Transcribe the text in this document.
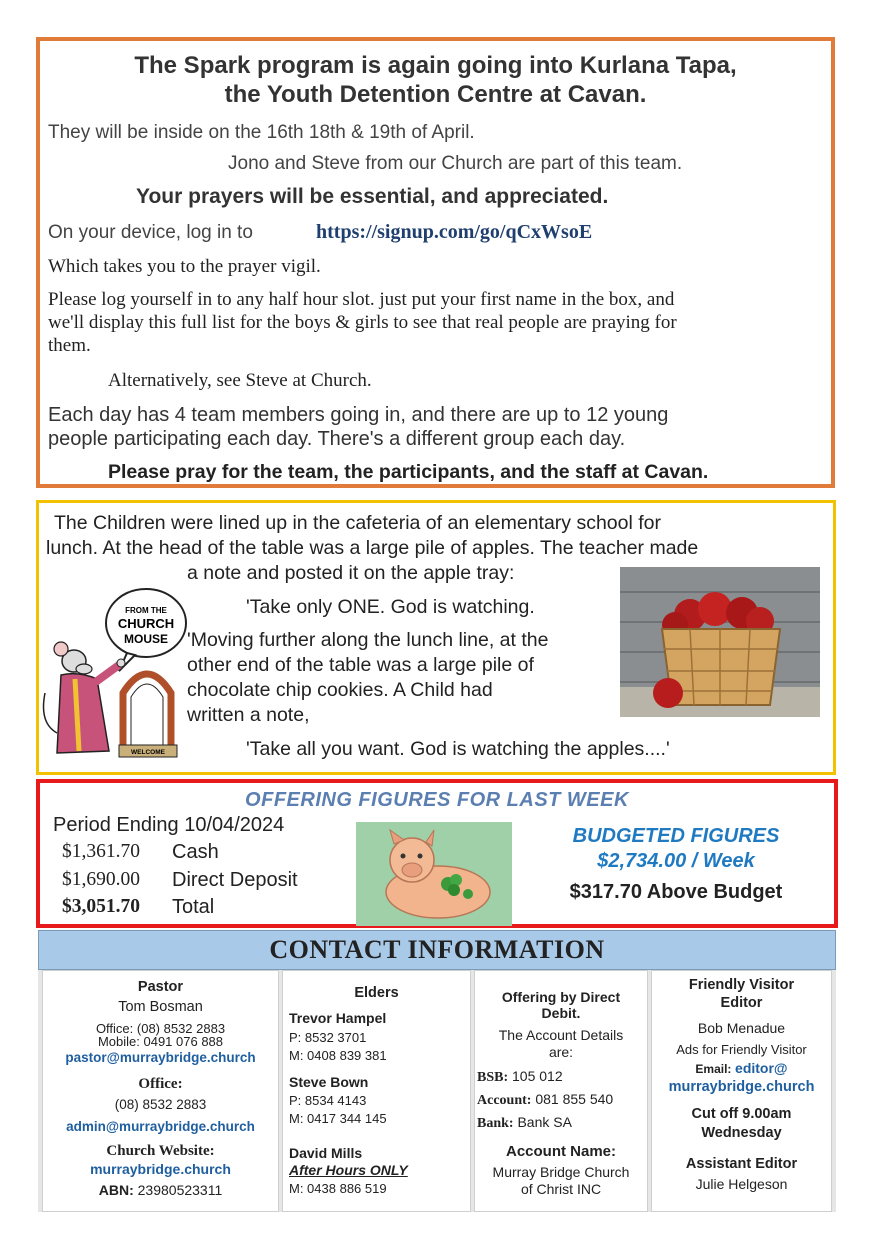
The Spark program is again going into Kurlana Tapa,
the Youth Detention Centre at Cavan.
They will be inside on the 16th 18th & 19th of April.
Jono and Steve from our Church are part of this team.
Your prayers will be essential, and appreciated.
On your device, log in to	https://signup.com/go/qCxWsoE
Which takes you to the prayer vigil.
Please log yourself in to any half hour slot. just put your first name in the box, and
we'll display this full list for the boys & girls to see that real people are praying for
them.
Alternatively, see Steve at Church.
Each day has 4 team members going in, and there are up to 12 young
people participating each day. There's a different group each day.
Please pray for the team, the participants, and the staff at Cavan.
The Children were lined up in the cafeteria of an elementary school for
lunch. At the head of the table was a large pile of apples. The teacher made
a note and posted it on the apple tray:
'Take only ONE. God is watching.
'Moving further along the lunch line, at the
other end of the table was a large pile of
chocolate chip cookies. A Child had
written a note,
'Take all you want. God is watching the apples....'
FROM THE
CHURCH
MOUSE
WELCOME
OFFERING FIGURES FOR LAST WEEK
Period Ending 10/04/2024
$1,361.70 Cash
$1,690.00 Direct Deposit
$3,051.70 Total
BUDGETED FIGURES
$2,734.00 / Week
$317.70 Above Budget
CONTACT INFORMATION
Pastor
Tom Bosman
Office: (08) 8532 2883
Mobile: 0491 076 888
pastor@murraybridge.church
Office:
(08) 8532 2883
admin@murraybridge.church
Church Website:
murraybridge.church
ABN: 23980523311
Elders
Trevor Hampel
P: 8532 3701
M: 0408 839 381
Steve Bown
P: 8534 4143
M: 0417 344 145
David Mills
After Hours ONLY
M: 0438 886 519
Offering by Direct
Debit.
The Account Details
are:
BSB: 105 012
Account: 081 855 540
Bank: Bank SA
Account Name:
Murray Bridge Church
of Christ INC
Friendly Visitor
Editor
Bob Menadue
Ads for Friendly Visitor
Email: editor@
murraybridge.church
Cut off 9.00am
Wednesday
Assistant Editor
Julie Helgeson
